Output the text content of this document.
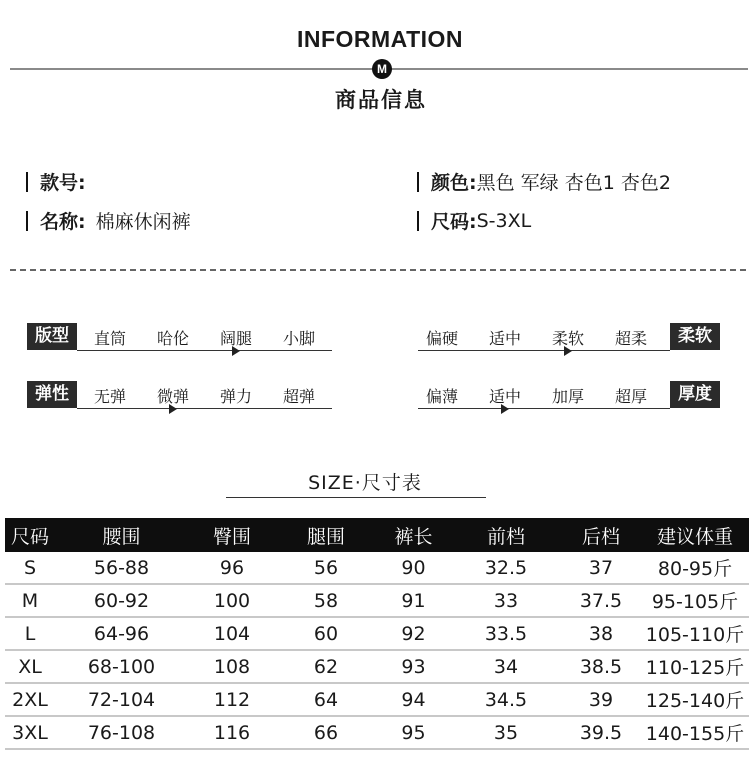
INFORMATION
M
商品信息
款号:
名称: 棉麻休闲裤
颜色: 黑色 军绿 杏色1 杏色2
尺码: S-3XL
版型	直筒 哈伦 阔腿 小脚
弹性	无弹 微弹 弹力 超弹
偏硬 适中 柔软 超柔	柔软
偏薄 适中 加厚 超厚	厚度
SIZE·尺寸表
尺码	腰围	臀围	腿围	裤长	前档	后档	建议体重
S	56-88	96	56	90	32.5	37	80-95斤
M	60-92	100	58	91	33	37.5	95-105斤
L	64-96	104	60	92	33.5	38	105-110斤
XL	68-100	108	62	93	34	38.5	110-125斤
2XL	72-104	112	64	94	34.5	39	125-140斤
3XL	76-108	116	66	95	35	39.5	140-155斤
